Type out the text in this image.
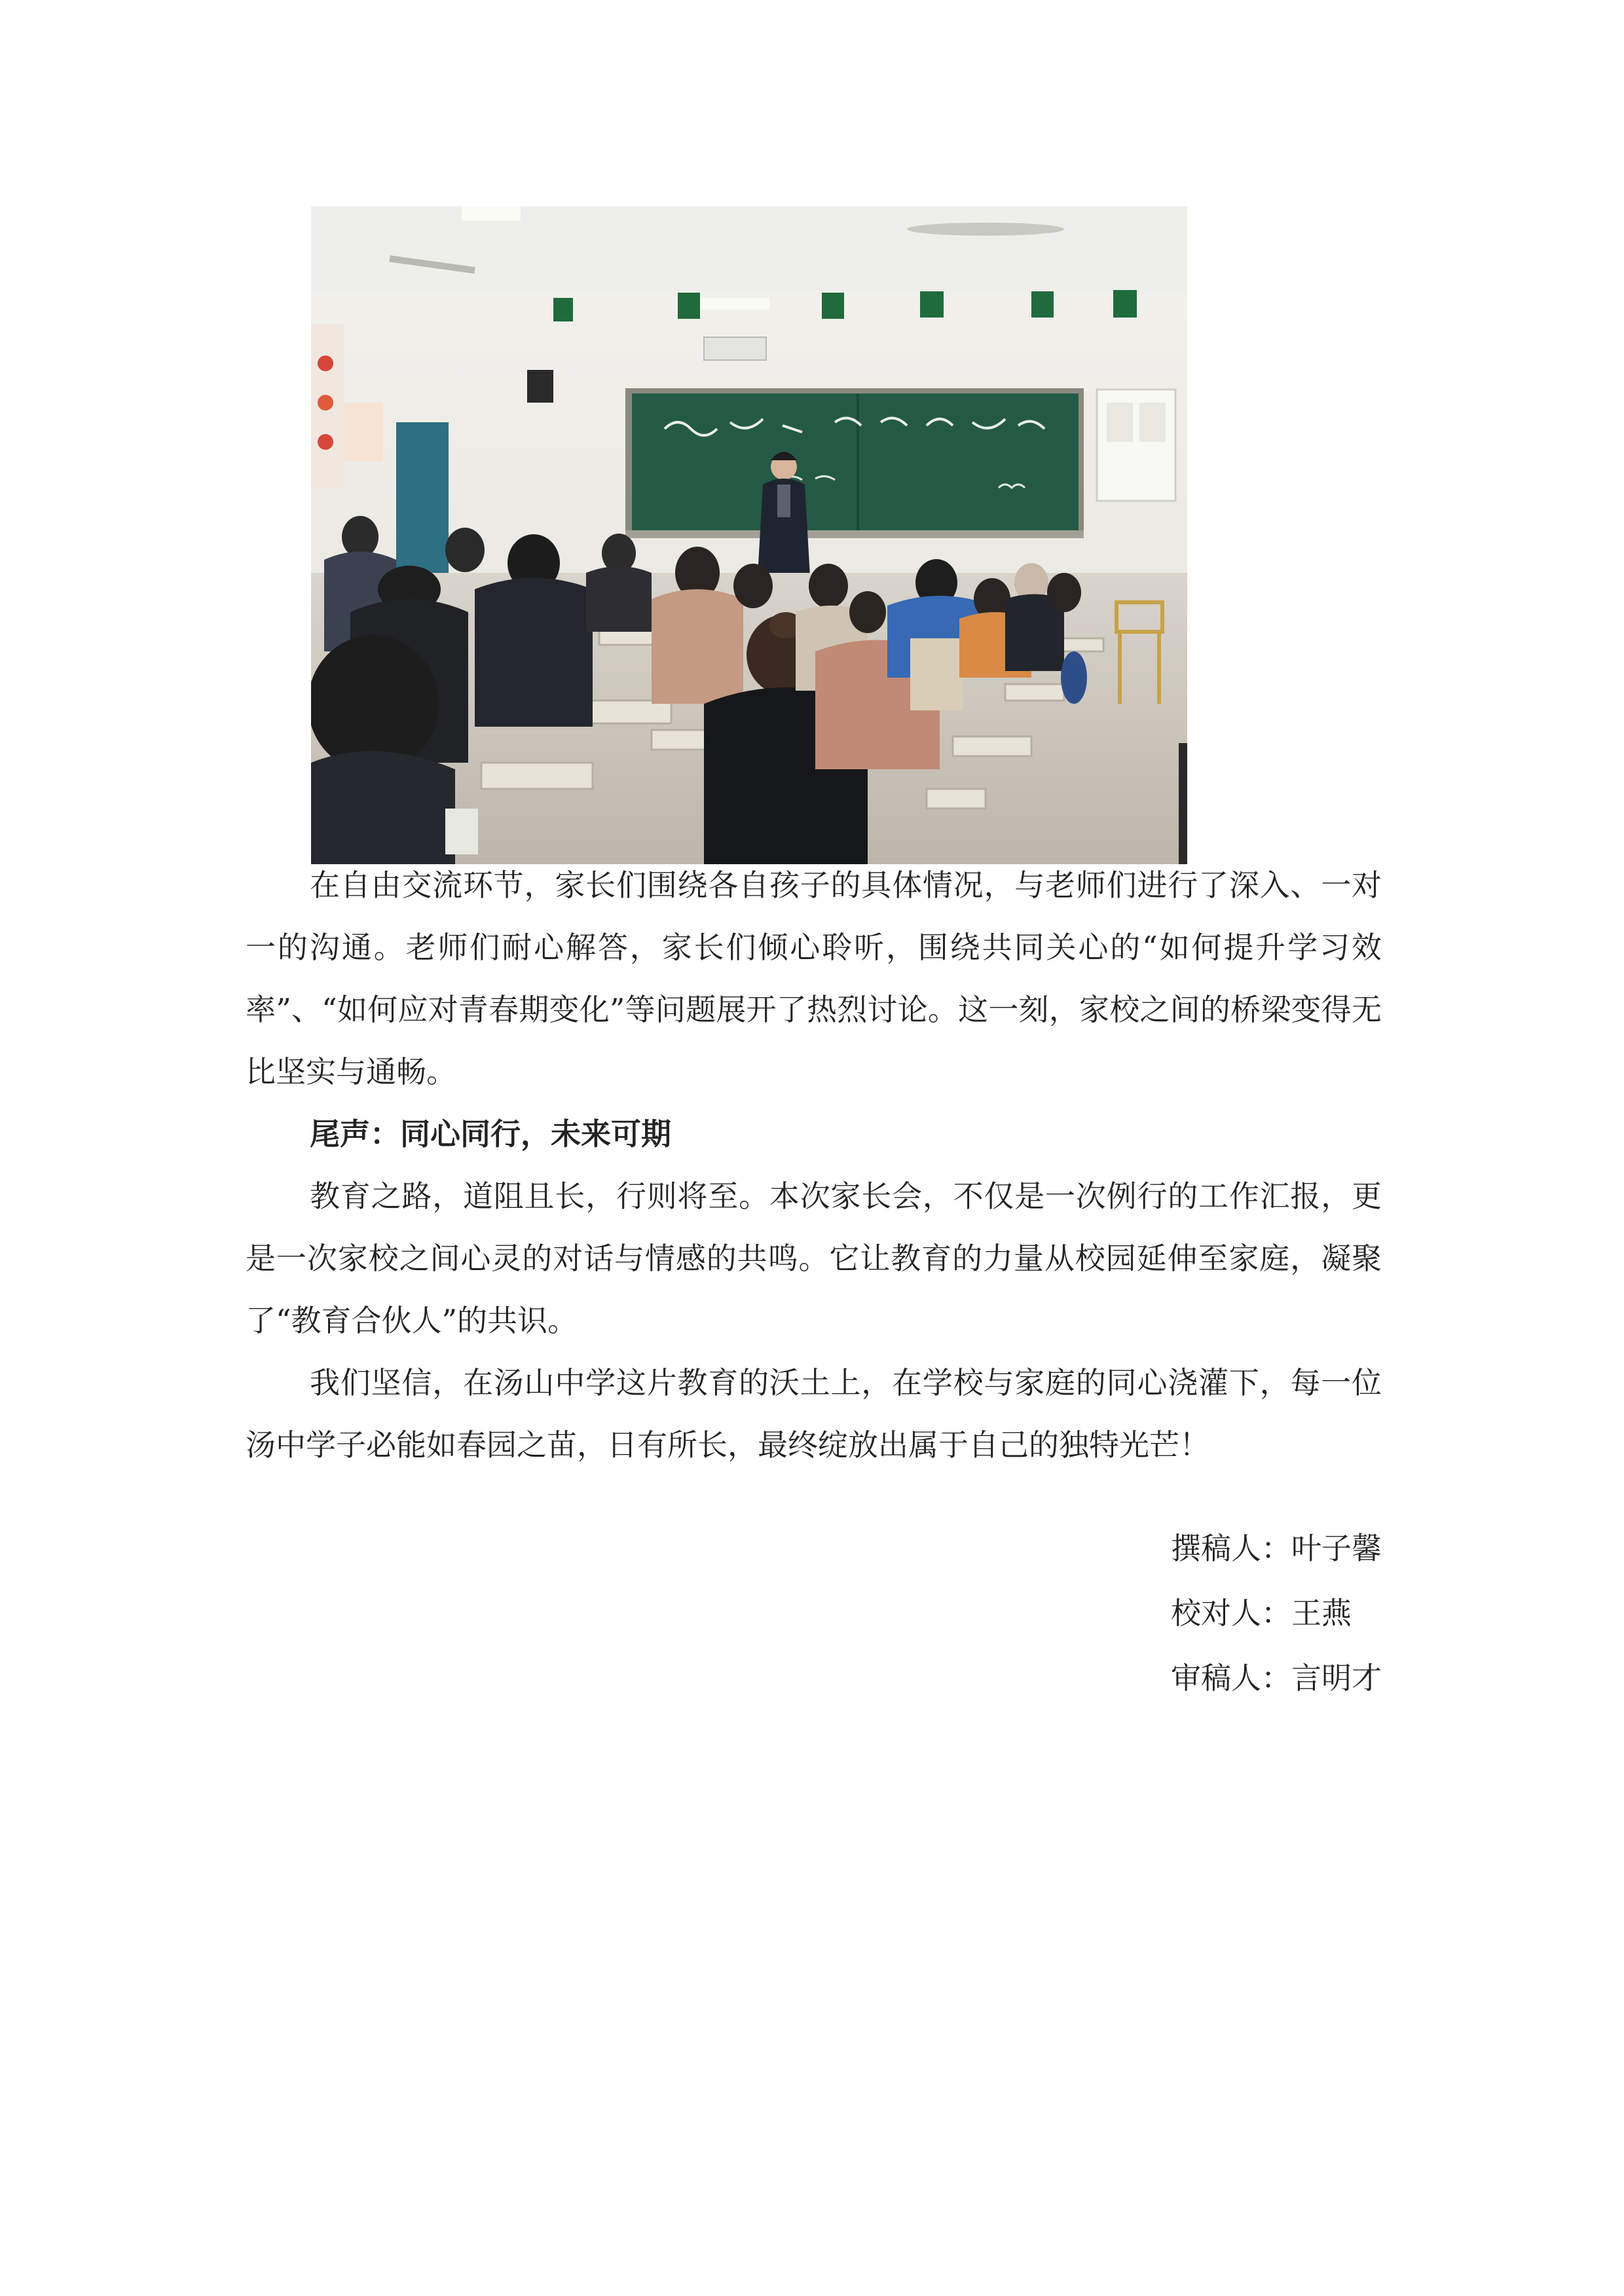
在自由交流环节，家长们围绕各自孩子的具体情况，与老师们进行了深入、一对一的沟通。老师们耐心解答，家长们倾心聆听，围绕共同关心的“如何提升学习效率”、“如何应对青春期变化”等问题展开了热烈讨论。这一刻，家校之间的桥梁变得无比坚实与通畅。

尾声：同心同行，未来可期

教育之路，道阻且长，行则将至。本次家长会，不仅是一次例行的工作汇报，更是一次家校之间心灵的对话与情感的共鸣。它让教育的力量从校园延伸至家庭，凝聚了“教育合伙人”的共识。

我们坚信，在汤山中学这片教育的沃土上，在学校与家庭的同心浇灌下，每一位汤中学子必能如春园之苗，日有所长，最终绽放出属于自己的独特光芒！

撰稿人：叶子馨
校对人：王燕
审稿人：言明才
